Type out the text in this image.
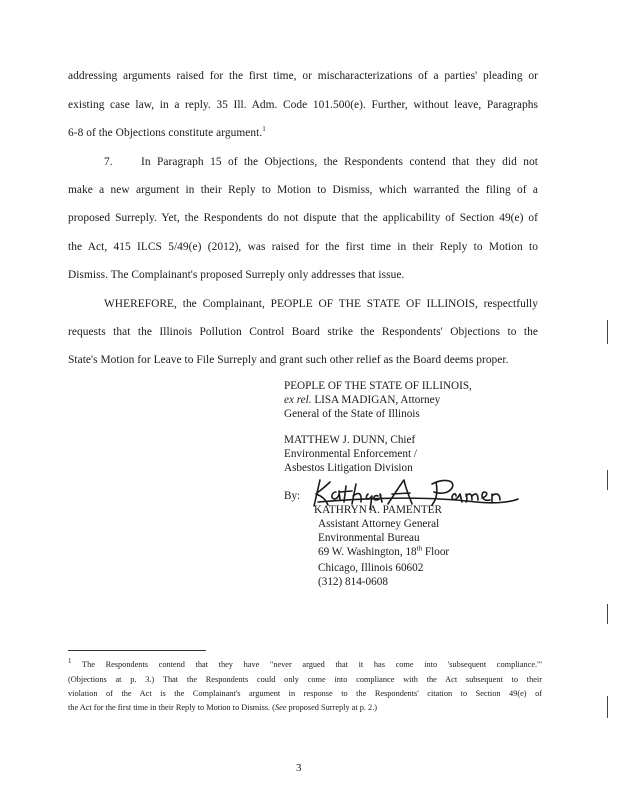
addressing arguments raised for the first time, or mischaracterizations of a parties' pleading or
existing case law, in a reply. 35 Ill. Adm. Code 101.500(e). Further, without leave, Paragraphs
6-8 of the Objections constitute argument.$^1$
7. In Paragraph 15 of the Objections, the Respondents contend that they did not
make a new argument in their Reply to Motion to Dismiss, which warranted the filing of a
proposed Surreply. Yet, the Respondents do not dispute that the applicability of Section 49(e) of
the Act, 415 ILCS 5/49(e) (2012), was raised for the first time in their Reply to Motion to
Dismiss. The Complainant's proposed Surreply only addresses that issue.
WHEREFORE, the Complainant, PEOPLE OF THE STATE OF ILLINOIS, respectfully
requests that the Illinois Pollution Control Board strike the Respondents' Objections to the
State's Motion for Leave to File Surreply and grant such other relief as the Board deems proper.
PEOPLE OF THE STATE OF ILLINOIS,
ex rel. LISA MADIGAN, Attorney
General of the State of Illinois
MATTHEW J. DUNN, Chief
Environmental Enforcement /
Asbestos Litigation Division
By:
KATHRYN A. PAMENTER
Assistant Attorney General
Environmental Bureau
69 W. Washington, 18th Floor
Chicago, Illinois 60602
(312) 814-0608
$^1$ The Respondents contend that they have "never argued that it has come into 'subsequent compliance.'"
(Objections at p. 3.) That the Respondents could only come into compliance with the Act subsequent to their
violation of the Act is the Complainant's argument in response to the Respondents' citation to Section 49(e) of
the Act for the first time in their Reply to Motion to Dismiss. (See proposed Surreply at p. 2.)
3
